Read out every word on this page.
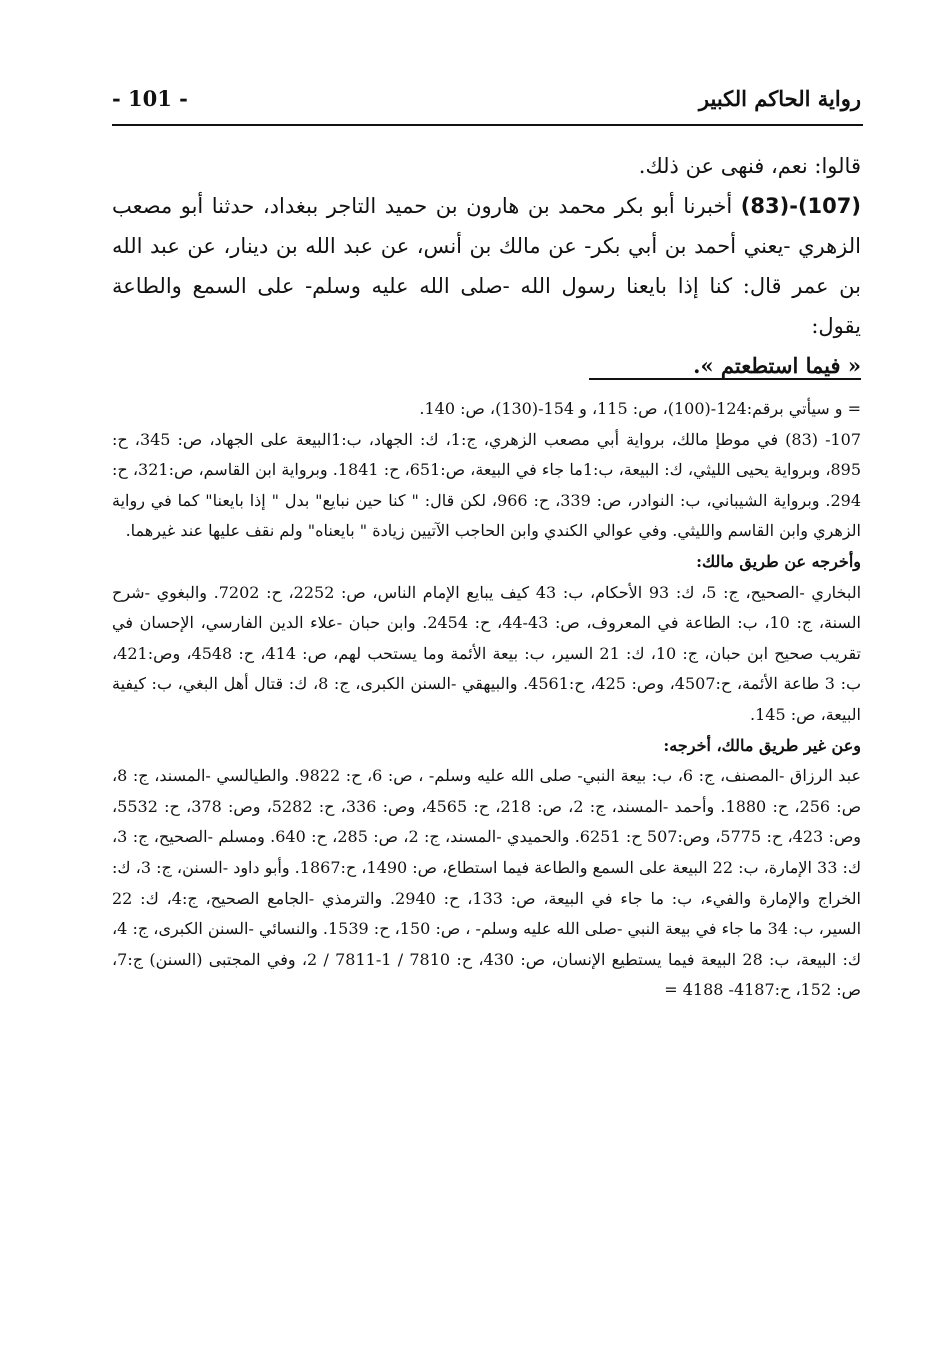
رواية الحاكم الكبير
- 101 -

قالوا: نعم، فنهى عن ذلك.

(107)-(83) أخبرنا أبو بكر محمد بن هارون بن حميد التاجر ببغداد، حدثنا أبو مصعب الزهري -يعني أحمد بن أبي بكر- عن مالك بن أنس، عن عبد الله بن دينار، عن عبد الله بن عمر قال: كنا إذا بايعنا رسول الله -صلى الله عليه وسلم- على السمع والطاعة يقول:

« فيما استطعتم ».

= و سيأتي برقم:124-(100)، ص: 115، و 154-(130)، ص: 140.

107- (83) في موطإ مالك، برواية أبي مصعب الزهري، ج:1، ك: الجهاد، ب:1البيعة على الجهاد، ص: 345، ح: 895، وبرواية يحيى الليثي، ك: البيعة، ب:1ما جاء في البيعة، ص:651، ح: 1841. وبرواية ابن القاسم، ص:321، ح: 294. وبرواية الشيباني، ب: النوادر، ص: 339، ح: 966، لكن قال: " كنا حين نبايع" بدل " إذا بايعنا" كما في رواية الزهري وابن القاسم والليثي. وفي عوالي الكندي وابن الحاجب الآتيين زيادة " بايعناه" ولم نقف عليها عند غيرهما.

وأخرجه عن طريق مالك:

البخاري -الصحيح، ج: 5، ك: 93 الأحكام، ب: 43 كيف يبايع الإمام الناس، ص: 2252، ح: 7202. والبغوي -شرح السنة، ج: 10، ب: الطاعة في المعروف، ص: 43-44، ح: 2454. وابن حبان -علاء الدين الفارسي، الإحسان في تقريب صحيح ابن حبان، ج: 10، ك: 21 السير، ب: بيعة الأئمة وما يستحب لهم، ص: 414، ح: 4548، وص:421، ب: 3 طاعة الأئمة، ح:4507، وص: 425، ح:4561. والبيهقي -السنن الكبرى، ج: 8، ك: قتال أهل البغي، ب: كيفية البيعة، ص: 145.

وعن غير طريق مالك، أخرجه:

عبد الرزاق -المصنف، ج: 6، ب: بيعة النبي- صلى الله عليه وسلم- ، ص: 6، ح: 9822. والطيالسي -المسند، ج: 8، ص: 256، ح: 1880. وأحمد -المسند، ج: 2، ص: 218، ح: 4565، وص: 336، ح: 5282، وص: 378، ح: 5532، وص: 423، ح: 5775، وص:507 ح: 6251. والحميدي -المسند، ج: 2، ص: 285، ح: 640. ومسلم -الصحيح، ج: 3، ك: 33 الإمارة، ب: 22 البيعة على السمع والطاعة فيما استطاع، ص: 1490، ح:1867. وأبو داود -السنن، ج: 3، ك: الخراج والإمارة والفيء، ب: ما جاء في البيعة، ص: 133، ح: 2940. والترمذي -الجامع الصحيح، ج:4، ك: 22 السير، ب: 34 ما جاء في بيعة النبي -صلى الله عليه وسلم- ، ص: 150، ح: 1539. والنسائي -السنن الكبرى، ج: 4، ك: البيعة، ب: 28 البيعة فيما يستطيع الإنسان، ص: 430، ح: 7810 / 1-7811 / 2، وفي المجتبى (السنن) ج:7، ص: 152، ح:4187- 4188 =
